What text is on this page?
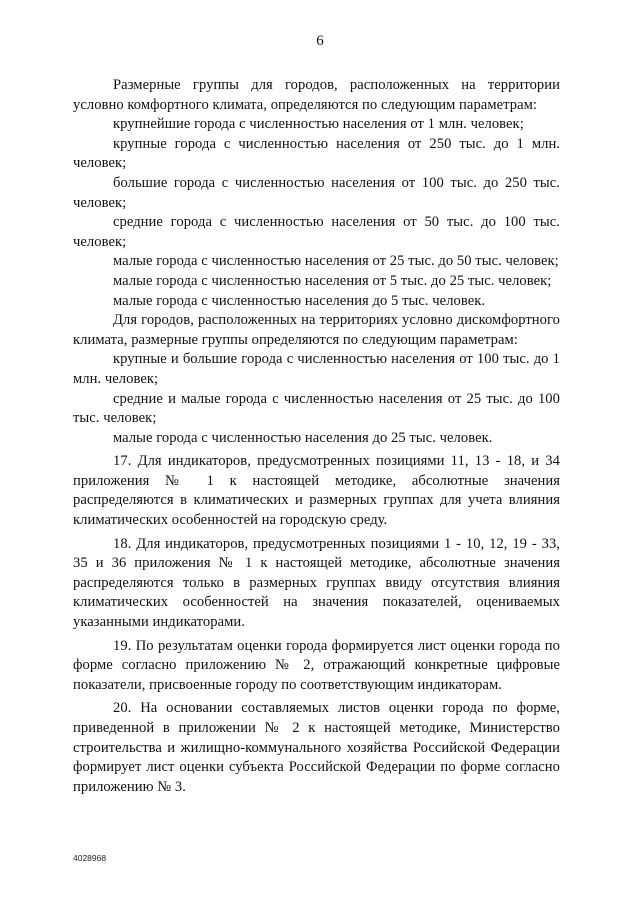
6

Размерные группы для городов, расположенных на территории условно комфортного климата, определяются по следующим параметрам:

крупнейшие города с численностью населения от 1 млн. человек;

крупные города с численностью населения от 250 тыс. до 1 млн. человек;

большие города с численностью населения от 100 тыс. до 250 тыс. человек;

средние города с численностью населения от 50 тыс. до 100 тыс. человек;

малые города с численностью населения от 25 тыс. до 50 тыс. человек;

малые города с численностью населения от 5 тыс. до 25 тыс. человек;

малые города с численностью населения до 5 тыс. человек.

Для городов, расположенных на территориях условно дискомфортного климата, размерные группы определяются по следующим параметрам:

крупные и большие города с численностью населения от 100 тыс. до 1 млн. человек;

средние и малые города с численностью населения от 25 тыс. до 100 тыс. человек;

малые города с численностью населения до 25 тыс. человек.

17. Для индикаторов, предусмотренных позициями 11, 13 - 18, и 34 приложения № 1 к настоящей методике, абсолютные значения распределяются в климатических и размерных группах для учета влияния климатических особенностей на городскую среду.

18. Для индикаторов, предусмотренных позициями 1 - 10, 12, 19 - 33, 35 и 36 приложения № 1 к настоящей методике, абсолютные значения распределяются только в размерных группах ввиду отсутствия влияния климатических особенностей на значения показателей, оцениваемых указанными индикаторами.

19. По результатам оценки города формируется лист оценки города по форме согласно приложению № 2, отражающий конкретные цифровые показатели, присвоенные городу по соответствующим индикаторам.

20. На основании составляемых листов оценки города по форме, приведенной в приложении № 2 к настоящей методике, Министерство строительства и жилищно-коммунального хозяйства Российской Федерации формирует лист оценки субъекта Российской Федерации по форме согласно приложению № 3.

4028968
